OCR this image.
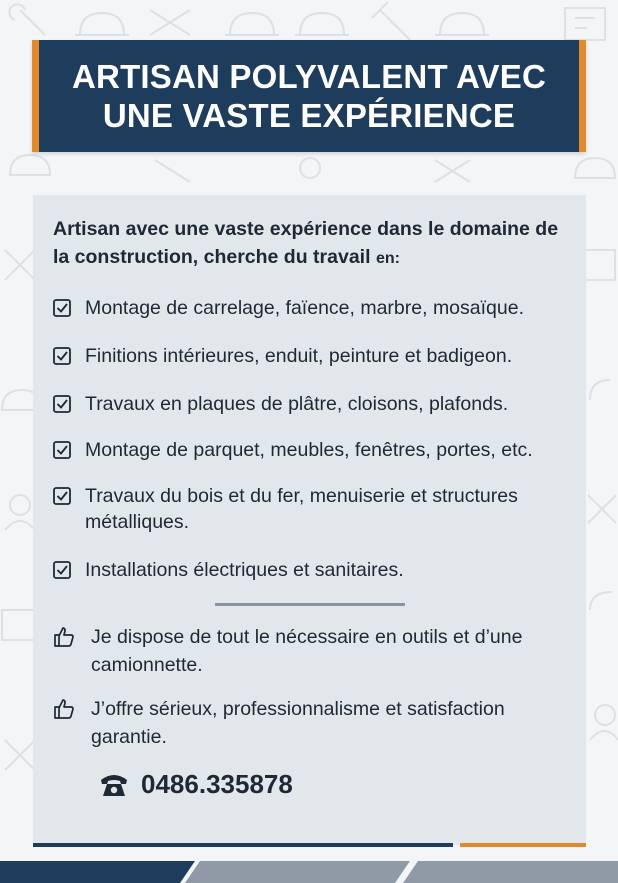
ARTISAN POLYVALENT AVEC
UNE VASTE EXPÉRIENCE

Artisan avec une vaste expérience dans le domaine de la construction, cherche du travail en:

Montage de carrelage, faïence, marbre, mosaïque.
Finitions intérieures, enduit, peinture et badigeon.
Travaux en plaques de plâtre, cloisons, plafonds.
Montage de parquet, meubles, fenêtres, portes, etc.
Travaux du bois et du fer, menuiserie et structures métalliques.
Installations électriques et sanitaires.
Je dispose de tout le nécessaire en outils et d’une camionnette.
J’offre sérieux, professionnalisme et satisfaction garantie.
0486.335878
